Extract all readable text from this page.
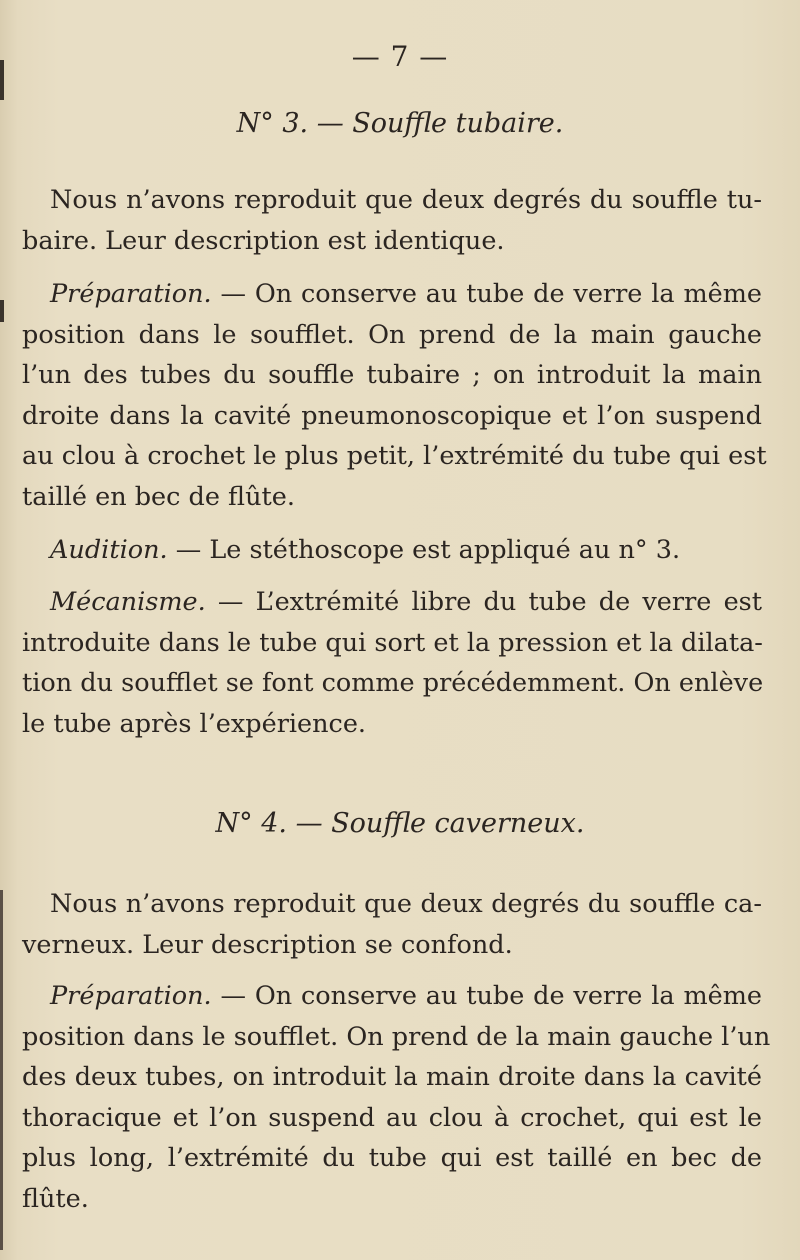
— 7 —
N° 3. — Souffle tubaire.

Nous n’avons reproduit que deux degrés du souffle tu-
baire. Leur description est identique.

Préparation. — On conserve au tube de verre la même
position dans le soufflet. On prend de la main gauche
l’un des tubes du souffle tubaire ; on introduit la main
droite dans la cavité pneumonoscopique et l’on suspend
au clou à crochet le plus petit, l’extrémité du tube qui est
taillé en bec de flûte.

Audition. — Le stéthoscope est appliqué au n° 3.

Mécanisme. — L’extrémité libre du tube de verre est
introduite dans le tube qui sort et la pression et la dilata-
tion du soufflet se font comme précédemment. On enlève
le tube après l’expérience.

N° 4. — Souffle caverneux.

Nous n’avons reproduit que deux degrés du souffle ca-
verneux. Leur description se confond.

Préparation. — On conserve au tube de verre la même
position dans le soufflet. On prend de la main gauche l’un
des deux tubes, on introduit la main droite dans la cavité
thoracique et l’on suspend au clou à crochet, qui est le
plus long, l’extrémité du tube qui est taillé en bec de
flûte.
